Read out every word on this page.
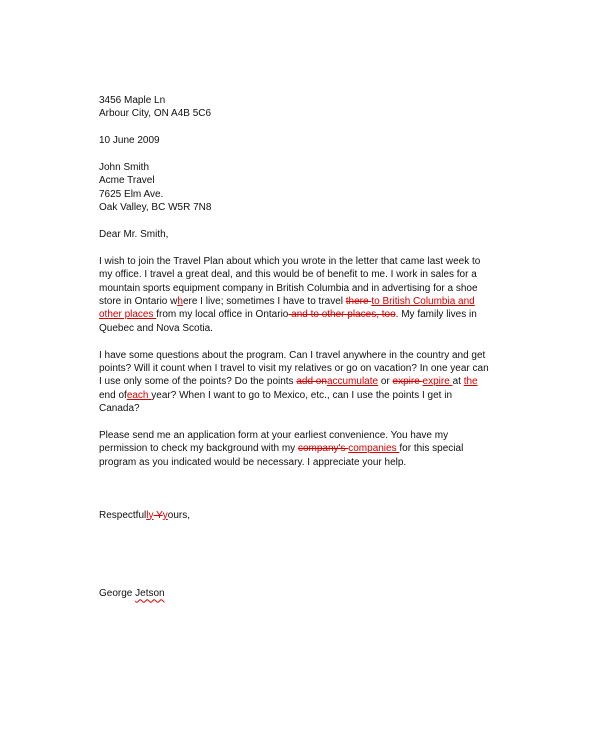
3456 Maple Ln
Arbour City, ON A4B 5C6
10 June 2009
John Smith
Acme Travel
7625 Elm Ave.
Oak Valley, BC W5R 7N8
Dear Mr. Smith,
I wish to join the Travel Plan about which you wrote in the letter that came last week to
my office. I travel a great deal, and this would be of benefit to me. I work in sales for a
mountain sports equipment company in British Columbia and in advertising for a shoe
store in Ontario where I live; sometimes I have to travel there to British Columbia and
other places from my local office in Ontario and to other places, too. My family lives in
Quebec and Nova Scotia.
I have some questions about the program. Can I travel anywhere in the country and get
points? Will it count when I travel to visit my relatives or go on vacation? In one year can
I use only some of the points? Do the points add onaccumulate or expire expire at the
end ofeach year? When I want to go to Mexico, etc., can I use the points I get in
Canada?
Please send me an application form at your earliest convenience. You have my
permission to check my background with my company's companies for this special
program as you indicated would be necessary. I appreciate your help.
Respectfully Yyours,
George Jetson
